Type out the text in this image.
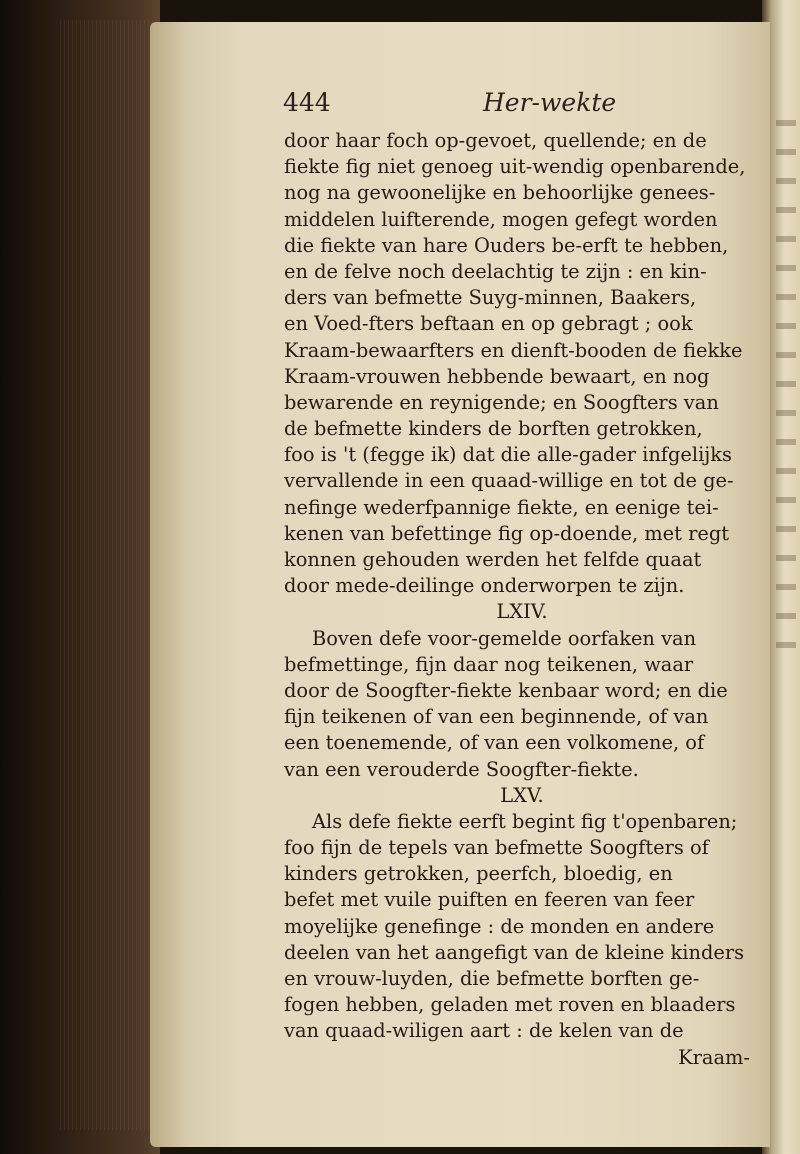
444	Her-wekte
door haar foch op-gevoet, quellende; en de
fiekte fig niet genoeg uit-wendig openbarende,
nog na gewoonelijke en behoorlijke genees-
middelen luifterende, mogen gefegt worden
die fiekte van hare Ouders be-erft te hebben,
en de felve noch deelachtig te zijn : en kin-
ders van befmette Suyg-minnen, Baakers,
en Voed-fters beftaan en op gebragt ; ook
Kraam-bewaarfters en dienft-booden de fiekke
Kraam-vrouwen hebbende bewaart, en nog
bewarende en reynigende; en Soogfters van
de befmette kinders de borften getrokken,
foo is 't (fegge ik) dat die alle-gader infgelijks
vervallende in een quaad-willige en tot de ge-
nefinge wederfpannige fiekte, en eenige tei-
kenen van befettinge fig op-doende, met regt
konnen gehouden werden het felfde quaat
door mede-deilinge onderworpen te zijn.
LXIV.
Boven defe voor-gemelde oorfaken van
befmettinge, fijn daar nog teikenen, waar
door de Soogfter-fiekte kenbaar word; en die
fijn teikenen of van een beginnende, of van
een toenemende, of van een volkomene, of
van een verouderde Soogfter-fiekte.
LXV.
Als defe fiekte eerft begint fig t'openbaren;
foo fijn de tepels van befmette Soogfters of
kinders getrokken, peerfch, bloedig, en
befet met vuile puiften en feeren van feer
moyelijke genefinge : de monden en andere
deelen van het aangefigt van de kleine kinders
en vrouw-luyden, die befmette borften ge-
fogen hebben, geladen met roven en blaaders
van quaad-wiligen aart : de kelen van de
Kraam-
